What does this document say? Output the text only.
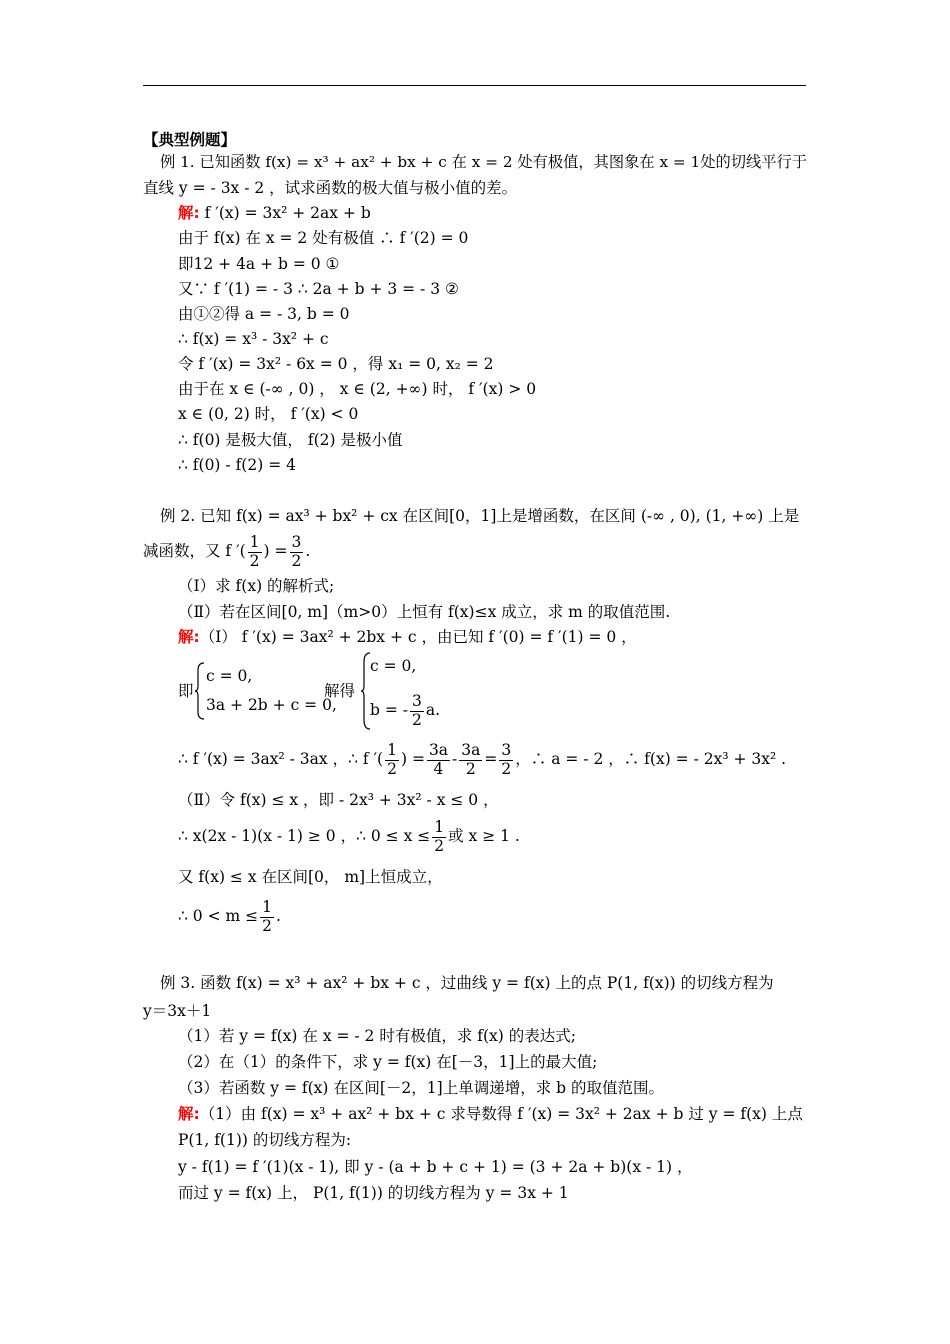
【典型例题】
例 1. 已知函数 f(x) = x³ + ax² + bx + c 在 x = 2 处有极值，其图象在 x = 1处的切线平行于
直线 y = - 3x - 2 ，试求函数的极大值与极小值的差。
解: f ′(x) = 3x² + 2ax + b
由于 f(x) 在 x = 2 处有极值 ∴ f ′(2) = 0
即12 + 4a + b = 0 ①
又∵ f ′(1) = - 3 ∴ 2a + b + 3 = - 3 ②
由①②得 a = - 3, b = 0
∴ f(x) = x³ - 3x² + c
令 f ′(x) = 3x² - 6x = 0 ，得 x₁ = 0, x₂ = 2
由于在 x ∈ (-∞ , 0) ， x ∈ (2, +∞) 时， f ′(x) > 0
x ∈ (0, 2) 时， f ′(x) < 0
∴ f(0) 是极大值， f(2) 是极小值
∴ f(0) - f(2) = 4
例 2. 已知 f(x) = ax³ + bx² + cx 在区间[0，1]上是增函数，在区间 (-∞ , 0), (1, +∞) 上是
减函数，又 f ′( $\frac{1}{2}$ ) = $\frac{3}{2}$ .
（Ⅰ）求 f(x) 的解析式;
（Ⅱ）若在区间[0, m]（m>0）上恒有 f(x)≤x 成立，求 m 的取值范围.
解:（Ⅰ） f ′(x) = 3ax² + 2bx + c ，由已知 f ′(0) = f ′(1) = 0 ，
即
c = 0,
3a + 2b + c = 0,
解得
c = 0,
b = - $\frac{3}{2} a$.
∴ f ′(x) = 3ax² - 3ax ，∴ f ′( $\frac{1}{2}$ ) = $\frac{3a}{4} - \frac{3a}{2} = \frac{3}{2}$ ，∴ a = - 2 ，∴ f(x) = - 2x³ + 3x² .
（Ⅱ）令 f(x) ≤ x ，即 - 2x³ + 3x² - x ≤ 0 ，
∴ x(2x - 1)(x - 1) ≥ 0 ，∴ $0 \le x \le \frac{1}{2}$ 或 x ≥ 1 .
又 f(x) ≤ x 在区间[0， m]上恒成立，
∴ $0 < m \le \frac{1}{2}$ .
例 3. 函数 f(x) = x³ + ax² + bx + c ，过曲线 y = f(x) 上的点 P(1, f(x)) 的切线方程为
y＝3x＋1
（1）若 y = f(x) 在 x = - 2 时有极值，求 f(x) 的表达式;
（2）在（1）的条件下，求 y = f(x) 在[－3，1]上的最大值;
（3）若函数 y = f(x) 在区间[－2，1]上单调递增，求 b 的取值范围。
解:（1）由 f(x) = x³ + ax² + bx + c 求导数得 f ′(x) = 3x² + 2ax + b 过 y = f(x) 上点
P(1, f(1)) 的切线方程为:
y - f(1) = f ′(1)(x - 1), 即 y - (a + b + c + 1) = (3 + 2a + b)(x - 1) ，
而过 y = f(x) 上， P(1, f(1)) 的切线方程为 y = 3x + 1
